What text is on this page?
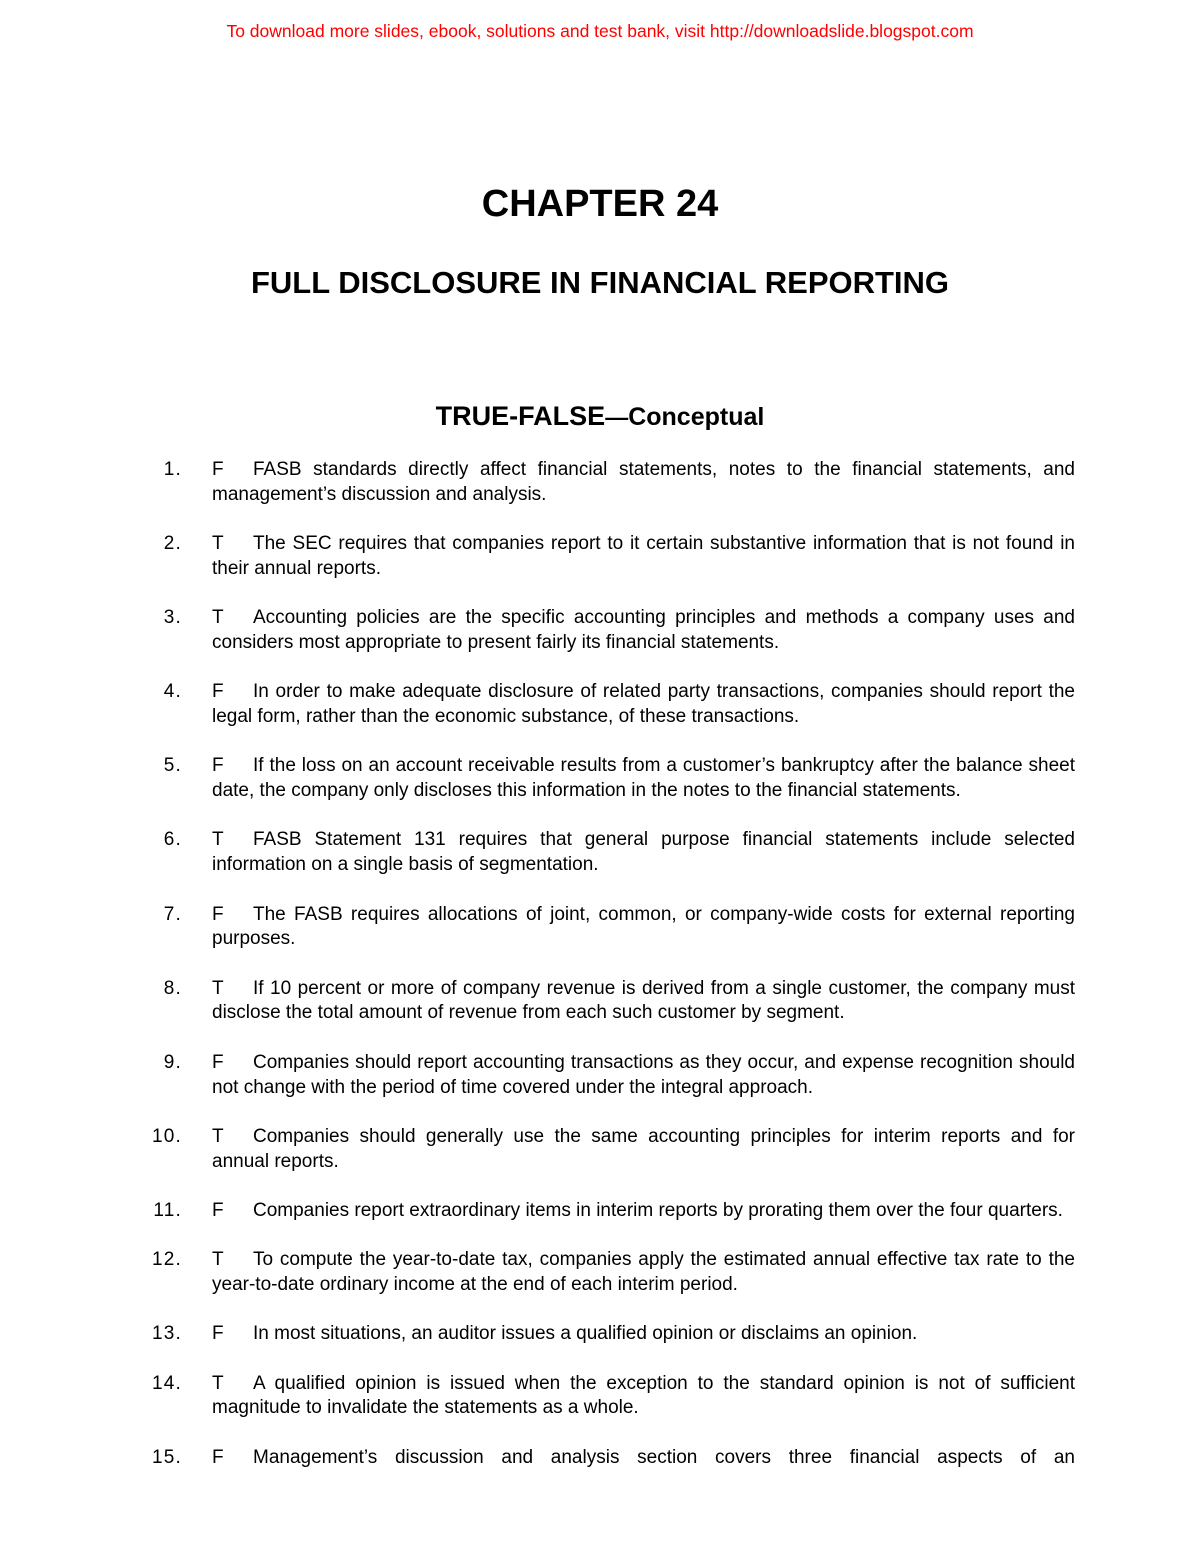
To download more slides, ebook, solutions and test bank, visit http://downloadslide.blogspot.com
CHAPTER 24
FULL DISCLOSURE IN FINANCIAL REPORTING
TRUE-FALSE—Conceptual
1. F FASB standards directly affect financial statements, notes to the financial statements, and management’s discussion and analysis.
2. T The SEC requires that companies report to it certain substantive information that is not found in their annual reports.
3. T Accounting policies are the specific accounting principles and methods a company uses and considers most appropriate to present fairly its financial statements.
4. F In order to make adequate disclosure of related party transactions, companies should report the legal form, rather than the economic substance, of these transactions.
5. F If the loss on an account receivable results from a customer’s bankruptcy after the balance sheet date, the company only discloses this information in the notes to the financial statements.
6. T FASB Statement 131 requires that general purpose financial statements include selected information on a single basis of segmentation.
7. F The FASB requires allocations of joint, common, or company-wide costs for external reporting purposes.
8. T If 10 percent or more of company revenue is derived from a single customer, the company must disclose the total amount of revenue from each such customer by segment.
9. F Companies should report accounting transactions as they occur, and expense recognition should not change with the period of time covered under the integral approach.
10. T Companies should generally use the same accounting principles for interim reports and for annual reports.
11. F Companies report extraordinary items in interim reports by prorating them over the four quarters.
12. T To compute the year-to-date tax, companies apply the estimated annual effective tax rate to the year-to-date ordinary income at the end of each interim period.
13. F In most situations, an auditor issues a qualified opinion or disclaims an opinion.
14. T A qualified opinion is issued when the exception to the standard opinion is not of sufficient magnitude to invalidate the statements as a whole.
15. F Management’s discussion and analysis section covers three financial aspects of an
